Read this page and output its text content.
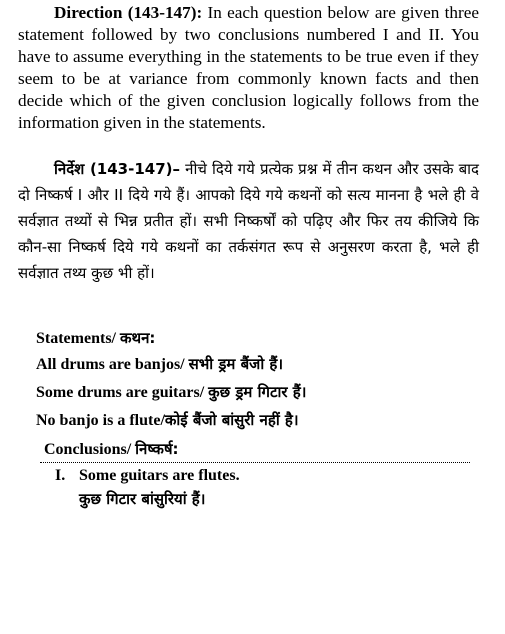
Direction (143-147): In each question below are given three statement followed by two conclusions numbered I and II. You have to assume everything in the statements to be true even if they seem to be at variance from commonly known facts and then decide which of the given conclusion logically follows from the information given in the statements.
निर्देश (143-147)– नीचे दिये गये प्रत्येक प्रश्न में तीन कथन और उसके बाद दो निष्कर्ष I और II दिये गये हैं। आपको दिये गये कथनों को सत्य मानना है भले ही वे सर्वज्ञात तथ्यों से भिन्न प्रतीत हों। सभी निष्कर्षों को पढ़िए और फिर तय कीजिये कि कौन-सा निष्कर्ष दिये गये कथनों का तर्कसंगत रूप से अनुसरण करता है, भले ही सर्वज्ञात तथ्य कुछ भी हों।
Statements/ कथन:
All drums are banjos/ सभी ड्रम बैंजो हैं।
Some drums are guitars/ कुछ ड्रम गिटार हैं।
No banjo is a flute/कोई बैंजो बांसुरी नहीं है।
Conclusions/ निष्कर्ष:
I. Some guitars are flutes.
कुछ गिटार बांसुरियां हैं।
